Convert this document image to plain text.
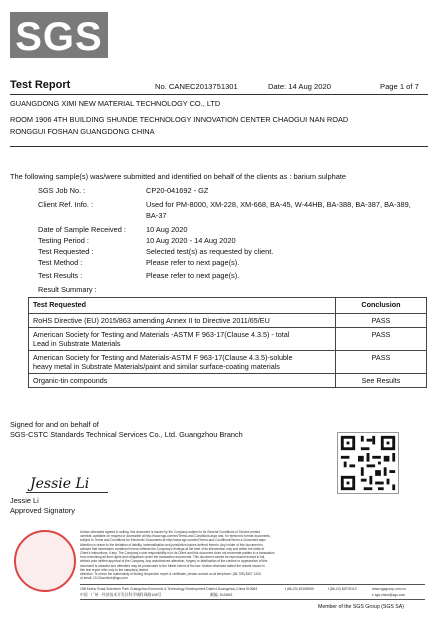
SGS
Test Report	No. CANEC2013751301	Date: 14 Aug 2020	Page 1 of 7
GUANGDONG XIMI NEW MATERIAL TECHNOLOGY CO., LTD
ROOM 1906 4TH BUILDING SHUNDE TECHNOLOGY INNOVATION CENTER CHAOGUI NAN ROAD
RONGGUI FOSHAN GUANGDONG CHINA
The following sample(s) was/were submitted and identified on behalf of the clients as : barium sulphate
SGS Job No. :	CP20-041692 - GZ
Client Ref. Info. :	Used for PM-8000, XM-228, XM-668, BA-45, W-44HB, BA-388, BA-387, BA-389,
BA-37
Date of Sample Received :	10 Aug 2020
Testing Period :	10 Aug 2020 - 14 Aug 2020
Test Requested :	Selected test(s) as requested by client.
Test Method :	Please refer to next page(s).
Test Results :	Please refer to next page(s).
Result Summary :
Test Requested	Conclusion
RoHS Directive (EU) 2015/863 amending Annex II to Directive 2011/65/EU	PASS
American Society for Testing and Materials -ASTM F 963-17(Clause 4.3.5) - total
Lead in Substrate Materials	PASS
American Society for Testing and Materials-ASTM F 963-17(Clause 4.3.5)-soluble
heavy metal in Substrate Materials/paint and similar surface-coating materials	PASS
Organic-tin compounds	See Results
Signed for and on behalf of
SGS-CSTC Standards Technical Services Co., Ltd. Guangzhou Branch
Jessie Li
Jessie Li
Approved Signatory
Unless otherwise agreed in writing, this document is issued by the Company subject to its General Conditions of Service printed
overleaf, available on request or accessible at http://www.sgs.com/en/Terms-and-Conditions.aspx and, for electronic format documents,
subject to Terms and Conditions for Electronic Documents at http://www.sgs.com/en/Terms-and-Conditions/Terms-e-Document.aspx.
Attention is drawn to the limitation of liability, indemnification and jurisdiction issues defined therein. Any holder of this document is
advised that information contained hereon reflects the Company's findings at the time of its intervention only and within the limits of
Client's instructions, if any. The Company's sole responsibility is to its Client and this document does not exonerate parties to a transaction
from exercising all their rights and obligations under the transaction documents. This document cannot be reproduced except in full,
without prior written approval of the Company. Any unauthorized alteration, forgery or falsification of the content or appearance of this
document is unlawful and offenders may be prosecuted to the fullest extent of the law. Unless otherwise stated the results shown in
this test report refer only to the sample(s) tested.
Attention: To check the authenticity of testing /inspection report & certificate, please contact us at telephone: (86-755) 8307 1443,
or email: CN.Doccheck@sgs.com
198 Kezhu Road,Scientech Park Guangzhou Economic & Technology Development District,Guangzhou,China 510663
中国 · 广州 · 经济技术开发区科学城科珠路198号	邮编: 510663
t (86-20) 82155555	f (86-20) 82075113	www.sgsgroup.com.cn
e sgs.china@sgs.com
Member of the SGS Group (SGS SA)
